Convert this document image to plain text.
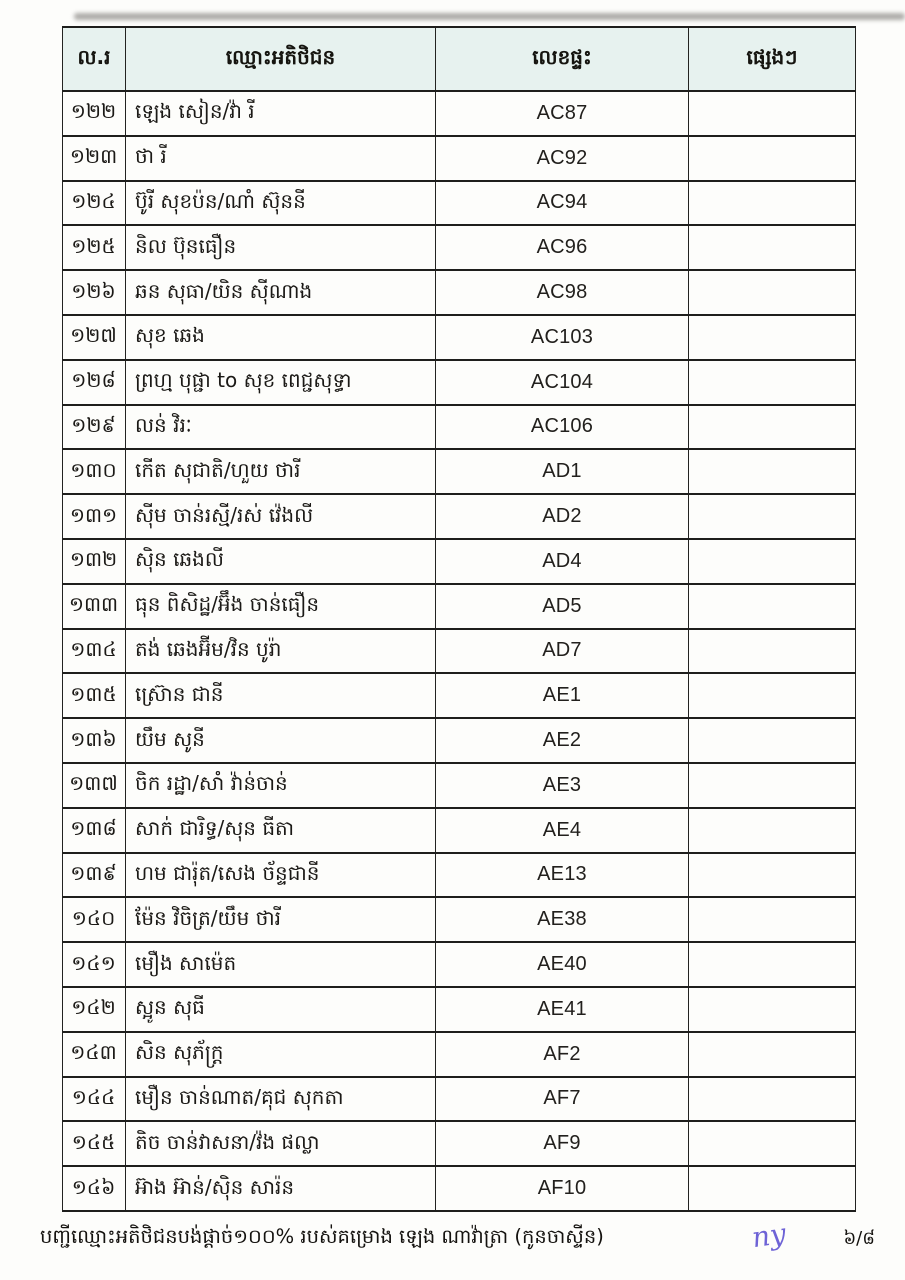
ល.រ	ឈ្មោះអតិថិជន	លេខផ្ទះ	ផ្សេងៗ
១២២	ឡេង សៀន/វ៉ា រី	AC87	
១២៣	ថា រី	AC92	
១២៤	ប៊ូរី សុខប៉ន/ណាំ ស៊ុននី	AC94	
១២៥	និល ប៊ុនធឿន	AC96	
១២៦	ឆន សុធា/យិន ស៊ីណាង	AC98	
១២៧	សុខ ឆេង	AC103	
១២៨	ព្រហ្ម បុផ្ជា to សុខ ពេជ្ជសុទ្ធា	AC104	
១២៩	លន់ វិរៈ	AC106	
១៣០	កើត សុជាតិ/ហួយ ថារី	AD1	
១៣១	ស៊ីម ចាន់រស្មី/រស់ វ៉េងលី	AD2	
១៣២	ស៊ិន ឆេងលី	AD4	
១៣៣	ធុន ពិសិដ្ឋ/អ៊ឹង ចាន់ធឿន	AD5	
១៣៤	តង់ ឆេងអ៊ីម/វិន បូរ៉ា	AD7	
១៣៥	ស្រ៊ោន ជានី	AE1	
១៣៦	យឹម សូនី	AE2	
១៣៧	ចិក រដ្ឋា/សាំ វ៉ាន់ចាន់	AE3	
១៣៨	សាក់ ជារិទ្ធ/សុន ធីតា	AE4	
១៣៩	ហម ជារ៉ុត/សេង ច័ន្ទជានី	AE13	
១៤០	ម៉ែន វិចិត្រ/យឹម ថារី	AE38	
១៤១	មឿង សាម៉េត	AE40	
១៤២	ស្អូន សុធី	AE41	
១៤៣	សិន សុភ័ក្ត្រ	AF2	
១៤៤	មឿន ចាន់ណាត/គុជ សុកតា	AF7	
១៤៥	តិច ចាន់វាសនា/វ៉ង ផល្លា	AF9	
១៤៦	អ៊ាង អ៊ាន់/ស៊ិន សារ៉ន	AF10	
បញ្ជីឈ្មោះអតិថិជនបង់ផ្តាច់១០០% របស់គម្រោង ឡេង ណាវ៉ាត្រា (កូនចាស្ទីន)	ny	៦/៨
